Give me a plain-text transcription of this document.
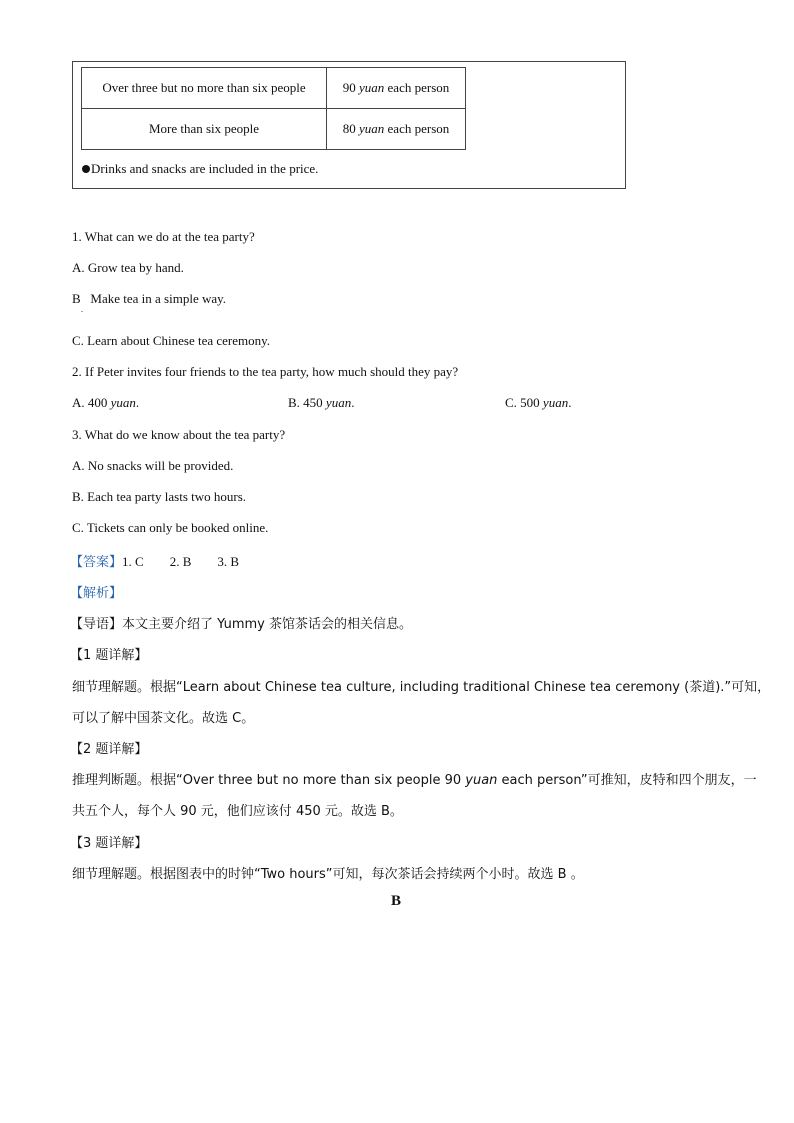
Over three but no more than six people	90 yuan each person
More than six people	80 yuan each person
Drinks and snacks are included in the price.
1. What can we do at the tea party?
A. Grow tea by hand.
B Make tea in a simple way.
.
C. Learn about Chinese tea ceremony.
2. If Peter invites four friends to the tea party, how much should they pay?
A. 400 yuan.	B. 450 yuan.	C. 500 yuan.
3. What do we know about the tea party?
A. No snacks will be provided.
B. Each tea party lasts two hours.
C. Tickets can only be booked online.
【答案】1. C 2. B 3. B
【解析】
【导语】本文主要介绍了 Yummy 茶馆茶话会的相关信息。
【1 题详解】
细节理解题。根据“Learn about Chinese tea culture, including traditional Chinese tea ceremony (茶道).”可知，
可以了解中国茶文化。故选 C。
【2 题详解】
推理判断题。根据“Over three but no more than six people 90 yuan each person”可推知，皮特和四个朋友，一
共五个人，每个人 90 元，他们应该付 450 元。故选 B。
【3 题详解】
细节理解题。根据图表中的时钟“Two hours”可知，每次茶话会持续两个小时。故选 B 。
B
